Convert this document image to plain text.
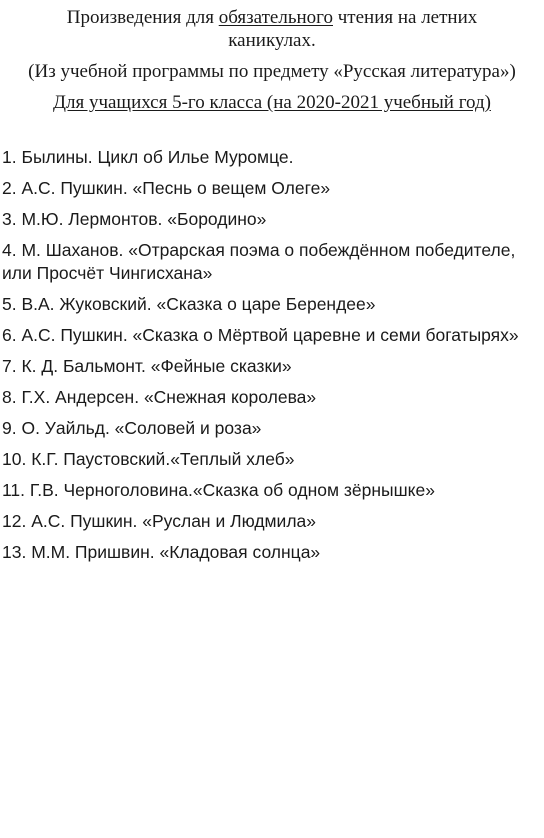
Произведения для обязательного чтения на летних
каникулах.
(Из учебной программы по предмету «Русская литература»)
Для учащихся 5-го класса (на 2020-2021 учебный год)
1. Былины. Цикл об Илье Муромце.
2. А.С. Пушкин. «Песнь о вещем Олеге»
3. М.Ю. Лермонтов. «Бородино»
4. М. Шаханов. «Отрарская поэма о побеждённом победителе, или Просчёт Чингисхана»
5. В.А. Жуковский. «Сказка о царе Берендее»
6. А.С. Пушкин. «Сказка о Мёртвой царевне и семи богатырях»
7. К. Д. Бальмонт. «Фейные сказки»
8. Г.Х. Андерсен. «Снежная королева»
9. О. Уайльд. «Соловей и роза»
10. К.Г. Паустовский.«Теплый хлеб»
11. Г.В. Черноголовина.«Сказка об одном зёрнышке»
12. А.С. Пушкин. «Руслан и Людмила»
13. М.М. Пришвин. «Кладовая солнца»
